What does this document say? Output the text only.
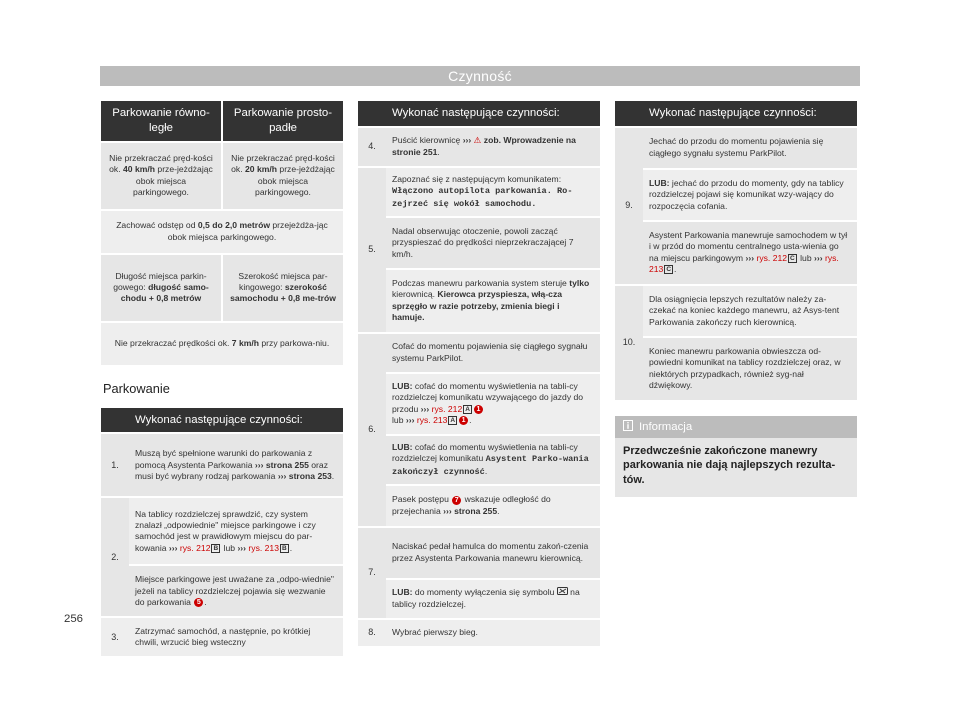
Czynność
Parkowanie równo-ległe	Parkowanie prosto-padłe

Nie przekraczać pręd-kości ok. 40 km/h prze-jeżdżając obok miejsca parkingowego.	Nie przekraczać pręd-kości ok. 20 km/h prze-jeżdżając obok miejsca parkingowego.

Zachować odstęp od 0,5 do 2,0 metrów przejeżdża-jąc obok miejsca parkingowego.	

Długość miejsca parkin-gowego: długość samo-chodu + 0,8 metrów	Szerokość miejsca par-kingowego: szerokość samochodu + 0,8 me-trów

Nie przekraczać prędkości ok. 7 km/h przy parkowa-niu.	
Parkowanie
	Wykonać następujące czynności:

1.	Muszą być spełnione warunki do parkowania z pomocą Asystenta Parkowania ››› strona 255 oraz musi być wybrany rodzaj parkowania ››› strona 253.

2.	Na tablicy rozdzielczej sprawdzić, czy system znalazł „odpowiednie" miejsce parkingowe i czy samochód jest w prawidłowym miejscu do par-kowania ››› rys. 212 B lub ››› rys. 213 B .

	Miejsce parkingowe jest uważane za „odpo-wiednie" jeżeli na tablicy rozdzielczej pojawia się wezwanie do parkowania 5 .

3.	Zatrzymać samochód, a następnie, po krótkiej chwili, wrzucić bieg wsteczny
	Wykonać następujące czynności:

4.	Puścić kierownicę ››› ⚠ zob. Wprowadzenie na stronie 251.

5.	Zapoznać się z następującym komunikatem: Włączono autopilota parkowania. Ro-zejrzeć się wokół samochodu.

	Nadal obserwując otoczenie, powoli zacząć przyspieszać do prędkości nieprzekraczającej 7 km/h.

	Podczas manewru parkowania system steruje tylko kierownicą. Kierowca przyspiesza, włą-cza sprzęgło w razie potrzeby, zmienia biegi i hamuje.

6.	Cofać do momentu pojawienia się ciągłego sygnału systemu ParkPilot.

	LUB: cofać do momentu wyświetlenia na tabli-cy rozdzielczej komunikatu wzywającego do jazdy do przodu ››› rys. 212 A 1
lub ››› rys. 213 A 1 .

	LUB: cofać do momentu wyświetlenia na tabli-cy rozdzielczej komunikatu Asystent Parko-wania zakończył czynność.

	Pasek postępu 7 wskazuje odległość do przejechania ››› strona 255.

7.	Naciskać pedał hamulca do momentu zakoń-czenia przez Asystenta Parkowania manewru kierownicą.

	LUB: do momenty wyłączenia się symbolu  na tablicy rozdzielczej.

8.	Wybrać pierwszy bieg.
	Wykonać następujące czynności:

9.	Jechać do przodu do momentu pojawienia się ciągłego sygnału systemu ParkPilot.

	LUB: jechać do przodu do momenty, gdy na tablicy rozdzielczej pojawi się komunikat wzy-wający do rozpoczęcia cofania.

	Asystent Parkowania manewruje samochodem w tył i w przód do momentu centralnego usta-wienia go na miejscu parkingowym ››› rys. 212 C lub ››› rys. 213 C .

10.	Dla osiągnięcia lepszych rezultatów należy za-czekać na koniec każdego manewru, aż Asys-tent Parkowania zakończy ruch kierownicą.

	Koniec manewru parkowania obwieszcza od-powiedni komunikat na tablicy rozdzielczej oraz, w niektórych przypadkach, również syg-nał dźwiękowy.
Informacja
Przedwcześnie zakończone manewry parkowania nie dają najlepszych rezulta-tów.
256
